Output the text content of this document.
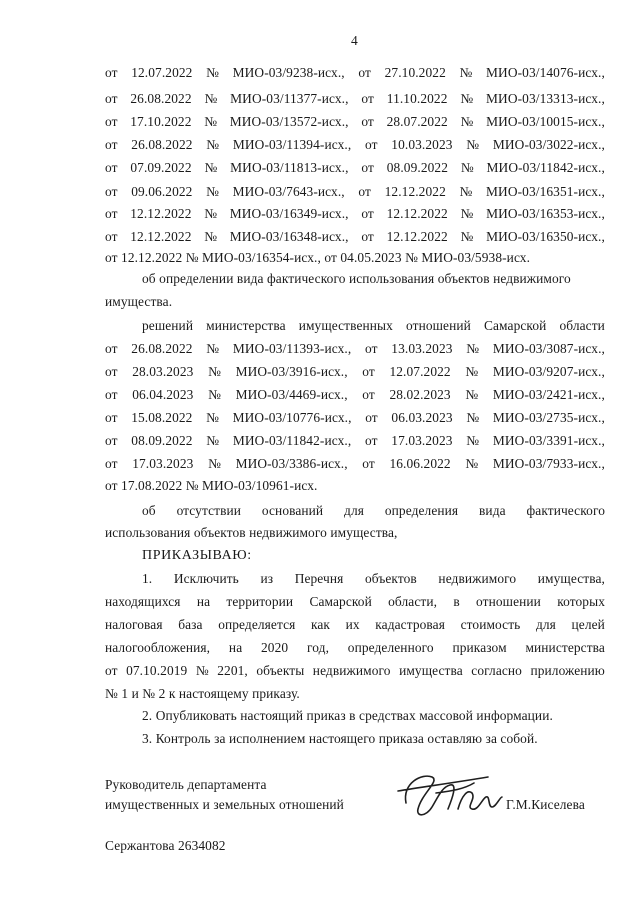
4
от 12.07.2022 № МИО-03/9238-исх., от 27.10.2022 № МИО-03/14076-исх.,
от 26.08.2022 № МИО-03/11377-исх., от 11.10.2022 № МИО-03/13313-исх.,
от 17.10.2022 № МИО-03/13572-исх., от 28.07.2022 № МИО-03/10015-исх.,
от 26.08.2022 № МИО-03/11394-исх., от 10.03.2023 № МИО-03/3022-исх.,
от 07.09.2022 № МИО-03/11813-исх., от 08.09.2022 № МИО-03/11842-исх.,
от 09.06.2022 № МИО-03/7643-исх., от 12.12.2022 № МИО-03/16351-исх.,
от 12.12.2022 № МИО-03/16349-исх., от 12.12.2022 № МИО-03/16353-исх.,
от 12.12.2022 № МИО-03/16348-исх., от 12.12.2022 № МИО-03/16350-исх.,
от 12.12.2022 № МИО-03/16354-исх., от 04.05.2023 № МИО-03/5938-исх.
об определении вида фактического использования объектов недвижимого
имущества.
решений министерства имущественных отношений Самарской области
от 26.08.2022 № МИО-03/11393-исх., от 13.03.2023 № МИО-03/3087-исх.,
от 28.03.2023 № МИО-03/3916-исх., от 12.07.2022 № МИО-03/9207-исх.,
от 06.04.2023 № МИО-03/4469-исх., от 28.02.2023 № МИО-03/2421-исх.,
от 15.08.2022 № МИО-03/10776-исх., от 06.03.2023 № МИО-03/2735-исх.,
от 08.09.2022 № МИО-03/11842-исх., от 17.03.2023 № МИО-03/3391-исх.,
от 17.03.2023 № МИО-03/3386-исх., от 16.06.2022 № МИО-03/7933-исх.,
от 17.08.2022 № МИО-03/10961-исх.
об отсутствии оснований для определения вида фактического
использования объектов недвижимого имущества,
ПРИКАЗЫВАЮ:
1. Исключить из Перечня объектов недвижимого имущества,
находящихся на территории Самарской области, в отношении которых
налоговая база определяется как их кадастровая стоимость для целей
налогообложения, на 2020 год, определенного приказом министерства
от 07.10.2019 № 2201, объекты недвижимого имущества согласно приложению
№ 1 и № 2 к настоящему приказу.
2. Опубликовать настоящий приказ в средствах массовой информации.
3. Контроль за исполнением настоящего приказа оставляю за собой.
Руководитель департамента
имущественных и земельных отношений	Г.М.Киселева
Сержантова 2634082
